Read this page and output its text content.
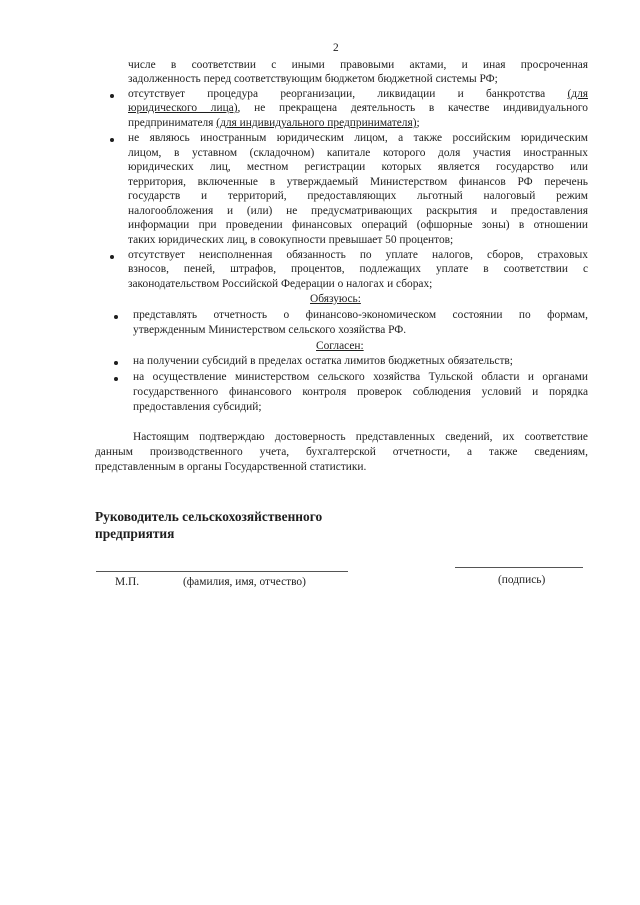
2
числе в соответствии с иными правовыми актами, и иная просроченная
задолженность перед соответствующим бюджетом бюджетной системы РФ;
отсутствует процедура реорганизации, ликвидации и банкротства (для
юридического лица), не прекращена деятельность в качестве индивидуального
предпринимателя (для индивидуального предпринимателя);
не являюсь иностранным юридическим лицом, а также российским юридическим
лицом, в уставном (складочном) капитале которого доля участия иностранных
юридических лиц, местном регистрации которых является государство или
территория, включенные в утверждаемый Министерством финансов РФ перечень
государств и территорий, предоставляющих льготный налоговый режим
налогообложения и (или) не предусматривающих раскрытия и предоставления
информации при проведении финансовых операций (офшорные зоны) в отношении
таких юридических лиц, в совокупности превышает 50 процентов;
отсутствует неисполненная обязанность по уплате налогов, сборов, страховых
взносов, пеней, штрафов, процентов, подлежащих уплате в соответствии с
законодательством Российской Федерации о налогах и сборах;
Обязуюсь:
представлять отчетность о финансово-экономическом состоянии по формам,
утвержденным Министерством сельского хозяйства РФ.
Согласен:
на получении субсидий в пределах остатка лимитов бюджетных обязательств;
на осуществление министерством сельского хозяйства Тульской области и органами
государственного финансового контроля проверок соблюдения условий и порядка
предоставления субсидий;
Настоящим подтверждаю достоверность представленных сведений, их соответствие
данным производственного учета, бухгалтерской отчетности, а также сведениям,
представленным в органы Государственной статистики.
Руководитель сельскохозяйственного
предприятия
М.П.	(фамилия, имя, отчество)	(подпись)
